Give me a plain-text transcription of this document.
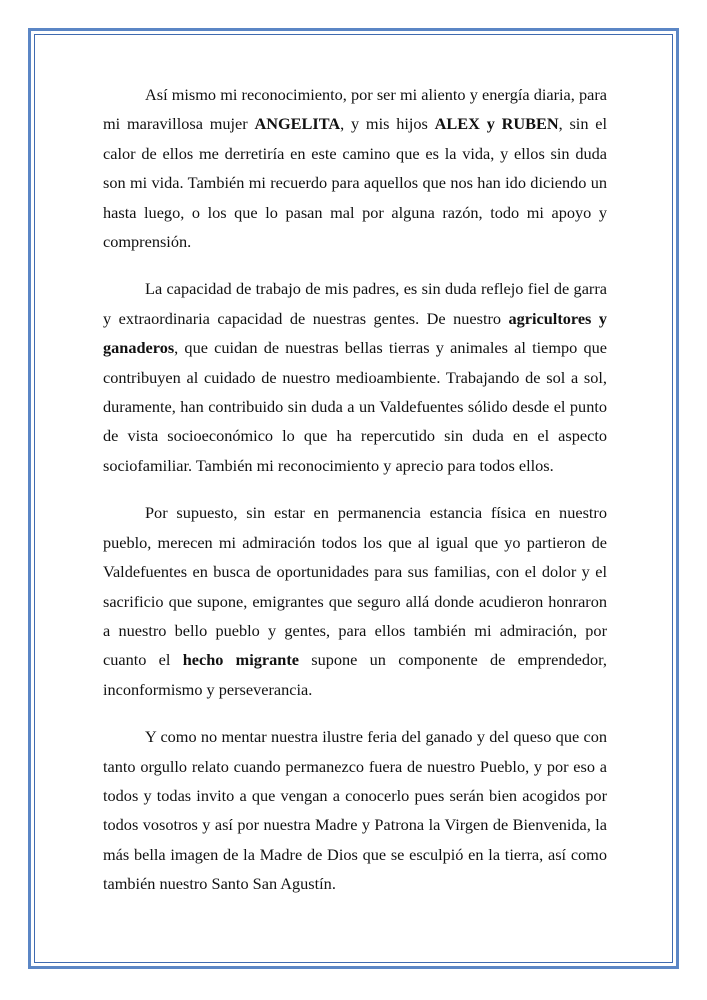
Así mismo mi reconocimiento, por ser mi aliento y energía diaria, para mi maravillosa mujer ANGELITA, y mis hijos ALEX y RUBEN, sin el calor de ellos me derretiría en este camino que es la vida, y ellos sin duda son mi vida. También mi recuerdo para aquellos que nos han ido diciendo un hasta luego, o los que lo pasan mal por alguna razón, todo mi apoyo y comprensión.

La capacidad de trabajo de mis padres, es sin duda reflejo fiel de garra y extraordinaria capacidad de nuestras gentes. De nuestro agricultores y ganaderos, que cuidan de nuestras bellas tierras y animales al tiempo que contribuyen al cuidado de nuestro medioambiente. Trabajando de sol a sol, duramente, han contribuido sin duda a un Valdefuentes sólido desde el punto de vista socioeconómico lo que ha repercutido sin duda en el aspecto sociofamiliar. También mi reconocimiento y aprecio para todos ellos.

Por supuesto, sin estar en permanencia estancia física en nuestro pueblo, merecen mi admiración todos los que al igual que yo partieron de Valdefuentes en busca de oportunidades para sus familias, con el dolor y el sacrificio que supone, emigrantes que seguro allá donde acudieron honraron a nuestro bello pueblo y gentes, para ellos también mi admiración, por cuanto el hecho migrante supone un componente de emprendedor, inconformismo y perseverancia.

Y como no mentar nuestra ilustre feria del ganado y del queso que con tanto orgullo relato cuando permanezco fuera de nuestro Pueblo, y por eso a todos y todas invito a que vengan a conocerlo pues serán bien acogidos por todos vosotros y así por nuestra Madre y Patrona la Virgen de Bienvenida, la más bella imagen de la Madre de Dios que se esculpió en la tierra, así como también nuestro Santo San Agustín.
